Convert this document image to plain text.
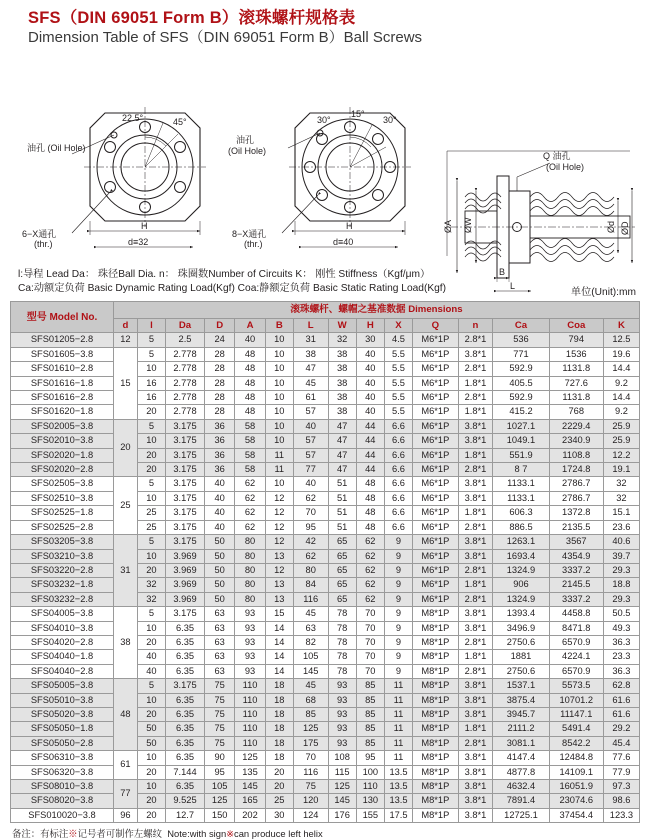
SFS（DIN 69051 Form B）滚珠螺杆规格表
Dimension Table of SFS（DIN 69051 Form B）Ball Screws
油孔 (Oil Hole)
22.5°	45°
6−X通孔
(thr.)
H
d≡32
油孔
(Oil Hole)
30°
15°
30°
8−X通孔
(thr.)
H
d≡40
Q 油孔
(Oil Hole)
ØA ØW	Ød ØD
B
L
l:导程 Lead Da： 珠径Ball Dia. n： 珠圈数Number of Circuits K： 刚性 Stiffness（Kgf/μm）
Ca:动额定负荷 Basic Dynamic Rating Load(Kgf) Coa:静额定负荷 Basic Static Rating Load(Kgf)	单位(Unit):mm
型号 Model No.	滚珠螺杆、螺帽之基准数据 Dimensions														
	d	l	Da	D	A	B	L	W	H	X	Q	n	Ca	Coa	K
SFS01205−2.8	12	5	2.5	24	40	10	31	32	30	4.5	M6*1P	2.8*1	536	794	12.5
SFS01605−3.8	15	5	2.778	28	48	10	38	38	40	5.5	M6*1P	3.8*1	771	1536	19.6
SFS01610−2.8		10	2.778	28	48	10	47	38	40	5.5	M6*1P	2.8*1	592.9	1131.8	14.4
SFS01616−1.8		16	2.778	28	48	10	45	38	40	5.5	M6*1P	1.8*1	405.5	727.6	9.2
SFS01616−2.8		16	2.778	28	48	10	61	38	40	5.5	M6*1P	2.8*1	592.9	1131.8	14.4
SFS01620−1.8		20	2.778	28	48	10	57	38	40	5.5	M6*1P	1.8*1	415.2	768	9.2
SFS02005−3.8	20	5	3.175	36	58	10	40	47	44	6.6	M6*1P	3.8*1	1027.1	2229.4	25.9
SFS02010−3.8		10	3.175	36	58	10	57	47	44	6.6	M6*1P	3.8*1	1049.1	2340.9	25.9
SFS02020−1.8		20	3.175	36	58	11	57	47	44	6.6	M6*1P	1.8*1	551.9	1108.8	12.2
SFS02020−2.8		20	3.175	36	58	11	77	47	44	6.6	M6*1P	2.8*1	8 7	1724.8	19.1
SFS02505−3.8	25	5	3.175	40	62	10	40	51	48	6.6	M6*1P	3.8*1	1133.1	2786.7	32
SFS02510−3.8		10	3.175	40	62	12	62	51	48	6.6	M6*1P	3.8*1	1133.1	2786.7	32
SFS02525−1.8		25	3.175	40	62	12	70	51	48	6.6	M6*1P	1.8*1	606.3	1372.8	15.1
SFS02525−2.8		25	3.175	40	62	12	95	51	48	6.6	M6*1P	2.8*1	886.5	2135.5	23.6
SFS03205−3.8	31	5	3.175	50	80	12	42	65	62	9	M6*1P	3.8*1	1263.1	3567	40.6
SFS03210−3.8		10	3.969	50	80	13	62	65	62	9	M6*1P	3.8*1	1693.4	4354.9	39.7
SFS03220−2.8		20	3.969	50	80	12	80	65	62	9	M6*1P	2.8*1	1324.9	3337.2	29.3
SFS03232−1.8		32	3.969	50	80	13	84	65	62	9	M6*1P	1.8*1	906	2145.5	18.8
SFS03232−2.8		32	3.969	50	80	13	116	65	62	9	M6*1P	2.8*1	1324.9	3337.2	29.3
SFS04005−3.8	38	5	3.175	63	93	15	45	78	70	9	M8*1P	3.8*1	1393.4	4458.8	50.5
SFS04010−3.8		10	6.35	63	93	14	63	78	70	9	M8*1P	3.8*1	3496.9	8471.8	49.3
SFS04020−2.8		20	6.35	63	93	14	82	78	70	9	M8*1P	2.8*1	2750.6	6570.9	36.3
SFS04040−1.8		40	6.35	63	93	14	105	78	70	9	M8*1P	1.8*1	1881	4224.1	23.3
SFS04040−2.8		40	6.35	63	93	14	145	78	70	9	M8*1P	2.8*1	2750.6	6570.9	36.3
SFS05005−3.8	48	5	3.175	75	110	18	45	93	85	11	M8*1P	3.8*1	1537.1	5573.5	62.8
SFS05010−3.8		10	6.35	75	110	18	68	93	85	11	M8*1P	3.8*1	3875.4	10701.2	61.6
SFS05020−3.8		20	6.35	75	110	18	85	93	85	11	M8*1P	3.8*1	3945.7	11147.1	61.6
SFS05050−1.8		50	6.35	75	110	18	125	93	85	11	M8*1P	1.8*1	2111.2	5491.4	29.2
SFS05050−2.8		50	6.35	75	110	18	175	93	85	11	M8*1P	2.8*1	3081.1	8542.2	45.4
SFS06310−3.8	61	10	6.35	90	125	18	70	108	95	11	M8*1P	3.8*1	4147.4	12484.8	77.6
SFS06320−3.8		20	7.144	95	135	20	116	115	100	13.5	M8*1P	3.8*1	4877.8	14109.1	77.9
SFS08010−3.8	77	10	6.35	105	145	20	75	125	110	13.5	M8*1P	3.8*1	4632.4	16051.9	97.3
SFS08020−3.8		20	9.525	125	165	25	120	145	130	13.5	M8*1P	3.8*1	7891.4	23074.6	98.6
SFS010020−3.8	96	20	12.7	150	202	30	124	176	155	17.5	M8*1P	3.8*1	12725.1	37454.4	123.3
备注：有标注※记号者可制作左螺纹 Note:with sign※can produce left helix
